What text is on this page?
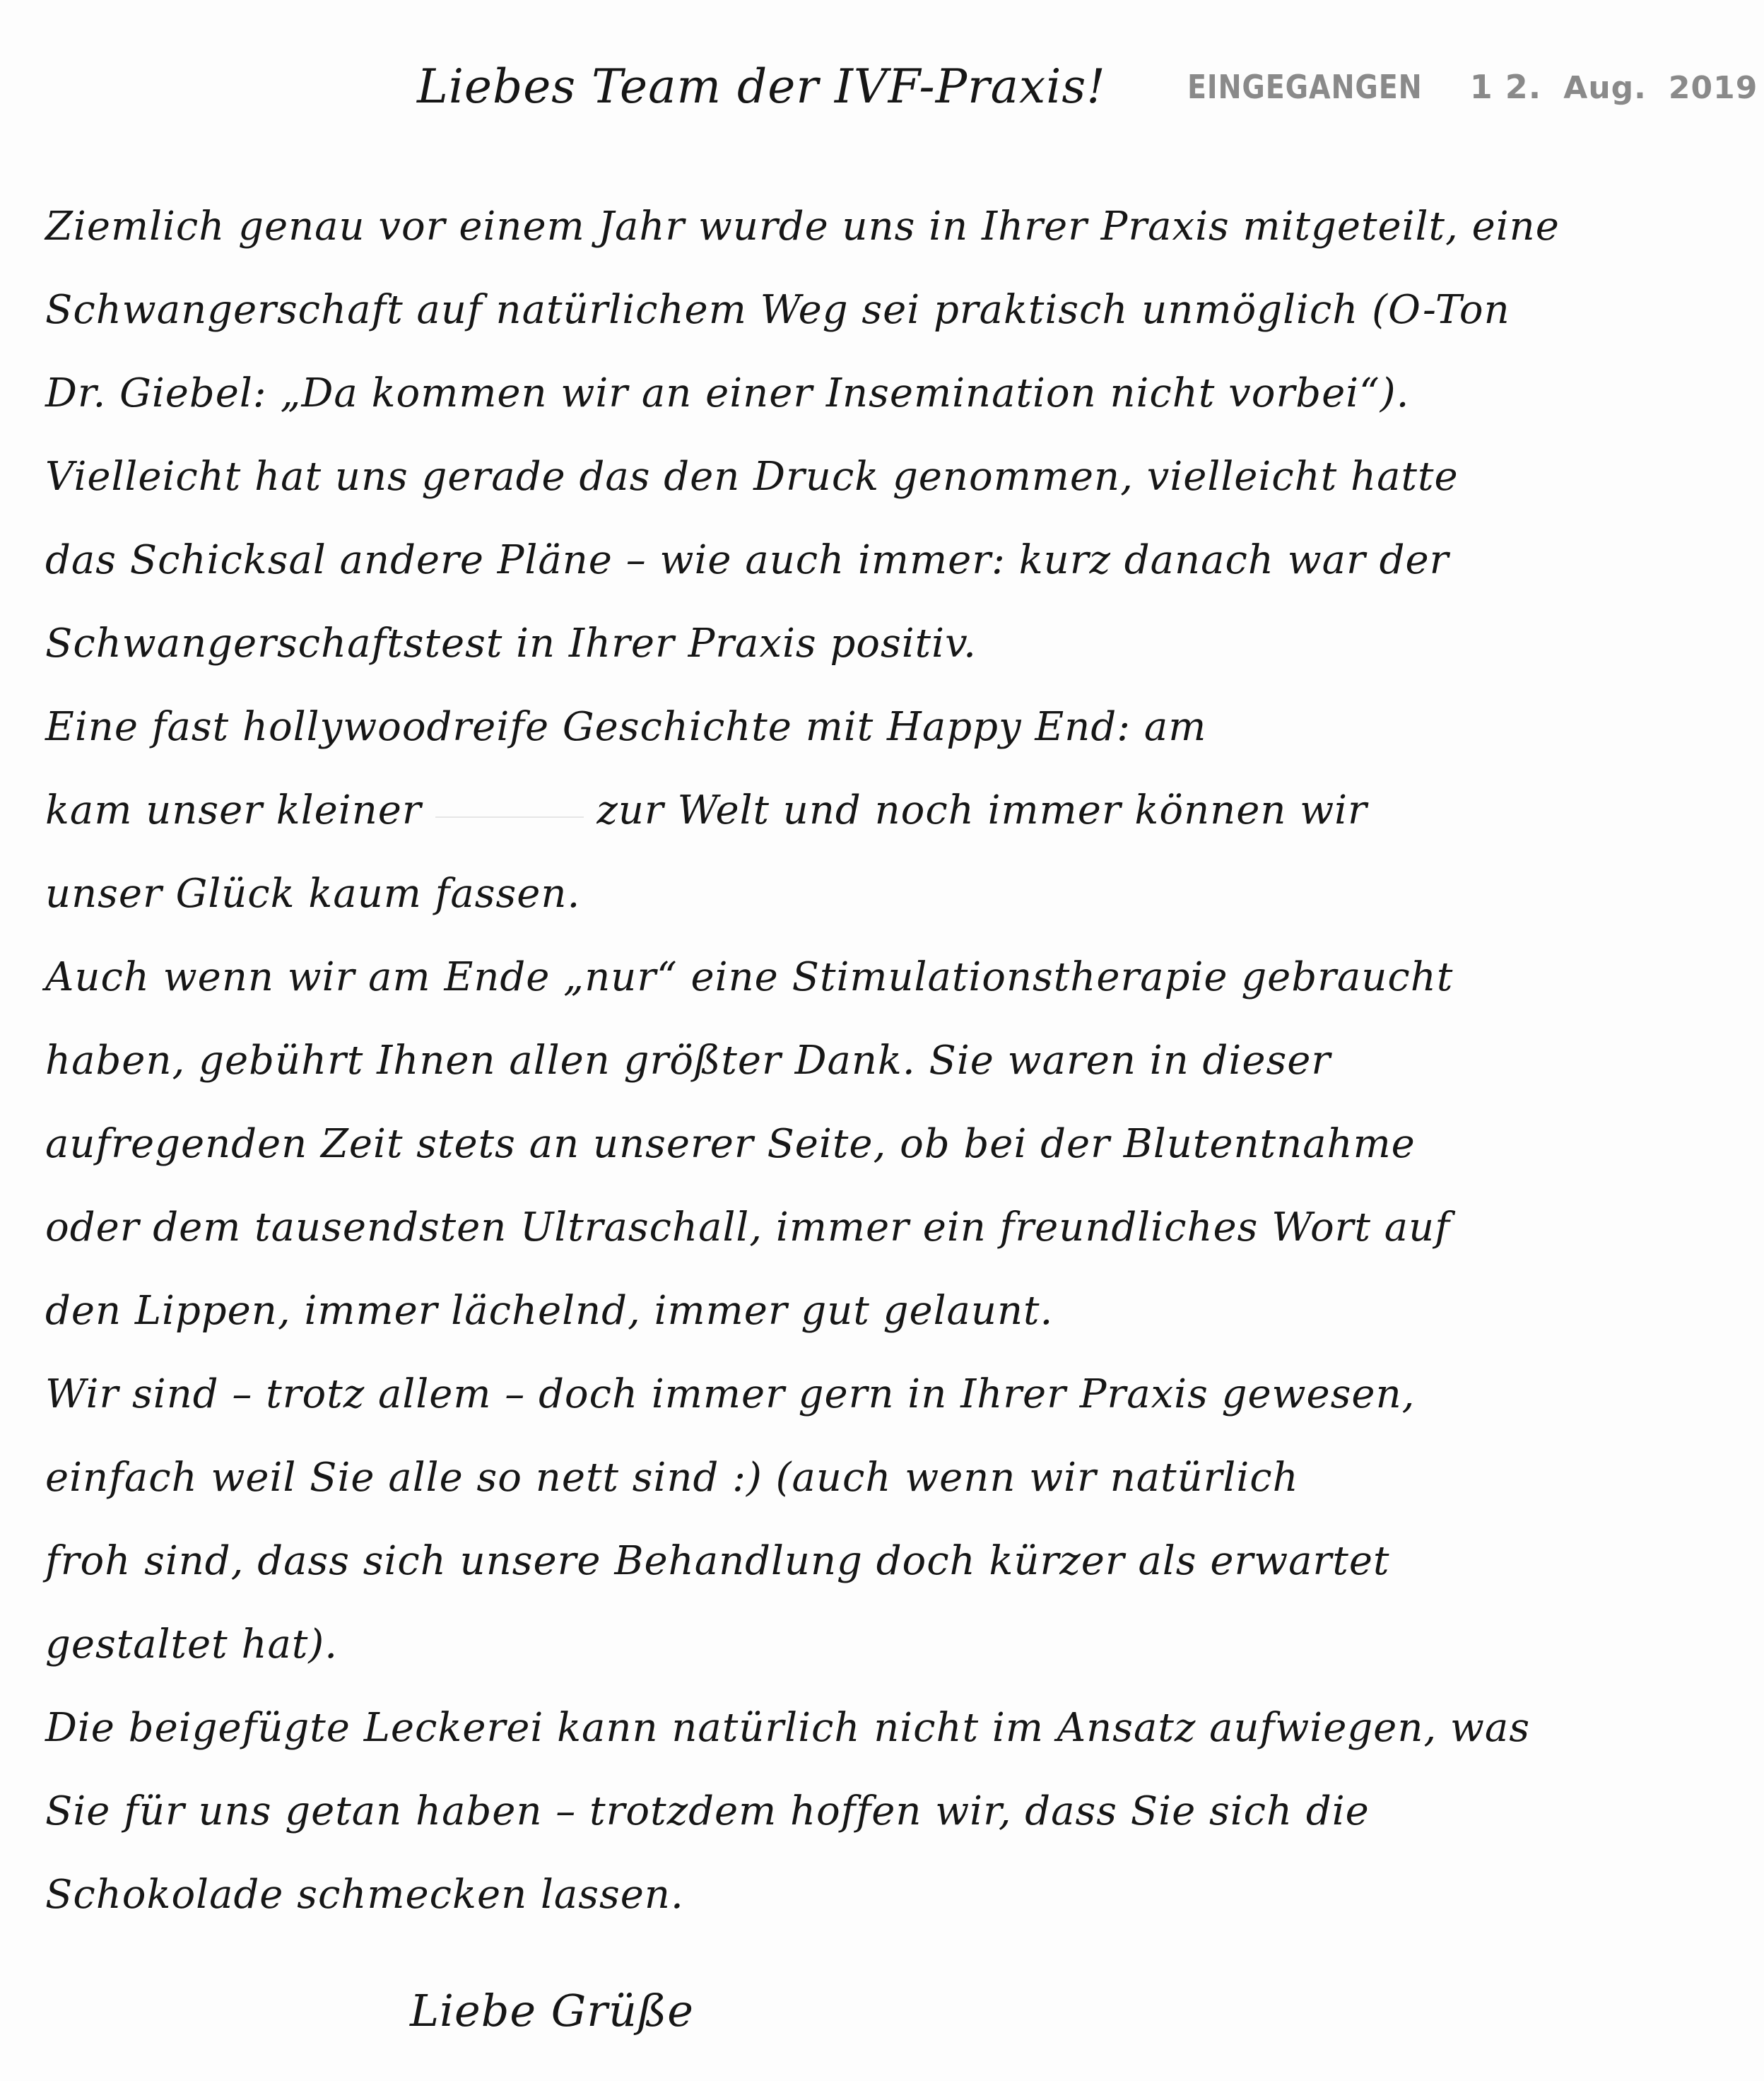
Liebes Team der IVF-Praxis!	EINGEGANGEN 1 2. Aug. 2019
Ziemlich genau vor einem Jahr wurde uns in Ihrer Praxis mitgeteilt, eine
Schwangerschaft auf natürlichem Weg sei praktisch unmöglich (O-Ton
Dr. Giebel: „Da kommen wir an einer Insemination nicht vorbei“).
Vielleicht hat uns gerade das den Druck genommen, vielleicht hatte
das Schicksal andere Pläne – wie auch immer: kurz danach war der
Schwangerschaftstest in Ihrer Praxis positiv.
Eine fast hollywoodreife Geschichte mit Happy End: am
kam unser kleiner	zur Welt und noch immer können wir
unser Glück kaum fassen.
Auch wenn wir am Ende „nur“ eine Stimulationstherapie gebraucht
haben, gebührt Ihnen allen größter Dank. Sie waren in dieser
aufregenden Zeit stets an unserer Seite, ob bei der Blutentnahme
oder dem tausendsten Ultraschall, immer ein freundliches Wort auf
den Lippen, immer lächelnd, immer gut gelaunt.
Wir sind – trotz allem – doch immer gern in Ihrer Praxis gewesen,
einfach weil Sie alle so nett sind :) (auch wenn wir natürlich
froh sind, dass sich unsere Behandlung doch kürzer als erwartet
gestaltet hat).
Die beigefügte Leckerei kann natürlich nicht im Ansatz aufwiegen, was
Sie für uns getan haben – trotzdem hoffen wir, dass Sie sich die
Schokolade schmecken lassen.
Liebe Grüße
